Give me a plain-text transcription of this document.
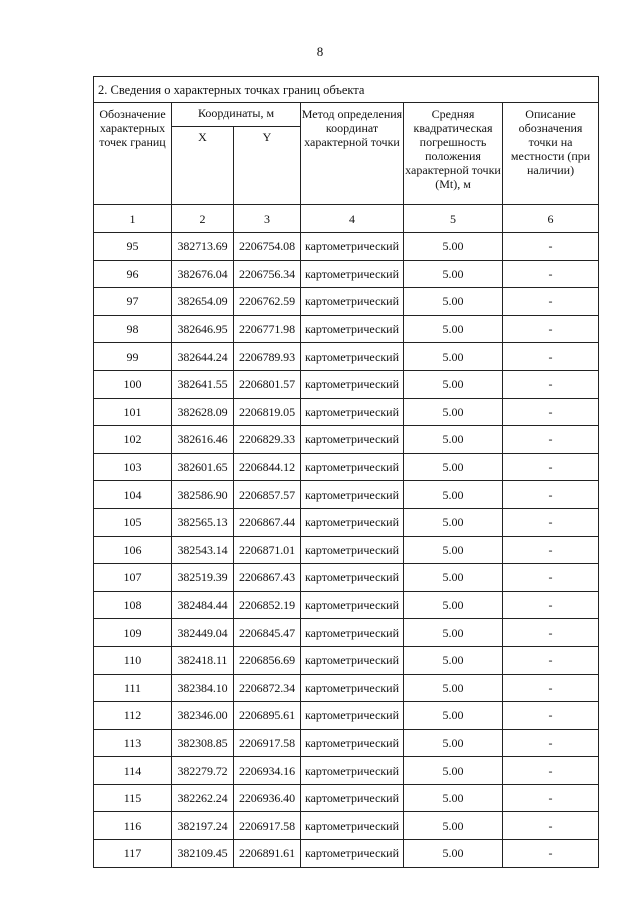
8
2. Сведения о характерных точках границ объекта					
Обозначение характерных точек границ	Координаты, м		Метод определения координат характерной точки	Средняя квадратическая погрешность положения характерной точки (Mt), м	Описание обозначения точки на местности (при наличии)
	X	Y			
1	2	3	4	5	6
95	382713.69	2206754.08	картометрический	5.00	-
96	382676.04	2206756.34	картометрический	5.00	-
97	382654.09	2206762.59	картометрический	5.00	-
98	382646.95	2206771.98	картометрический	5.00	-
99	382644.24	2206789.93	картометрический	5.00	-
100	382641.55	2206801.57	картометрический	5.00	-
101	382628.09	2206819.05	картометрический	5.00	-
102	382616.46	2206829.33	картометрический	5.00	-
103	382601.65	2206844.12	картометрический	5.00	-
104	382586.90	2206857.57	картометрический	5.00	-
105	382565.13	2206867.44	картометрический	5.00	-
106	382543.14	2206871.01	картометрический	5.00	-
107	382519.39	2206867.43	картометрический	5.00	-
108	382484.44	2206852.19	картометрический	5.00	-
109	382449.04	2206845.47	картометрический	5.00	-
110	382418.11	2206856.69	картометрический	5.00	-
111	382384.10	2206872.34	картометрический	5.00	-
112	382346.00	2206895.61	картометрический	5.00	-
113	382308.85	2206917.58	картометрический	5.00	-
114	382279.72	2206934.16	картометрический	5.00	-
115	382262.24	2206936.40	картометрический	5.00	-
116	382197.24	2206917.58	картометрический	5.00	-
117	382109.45	2206891.61	картометрический	5.00	-
